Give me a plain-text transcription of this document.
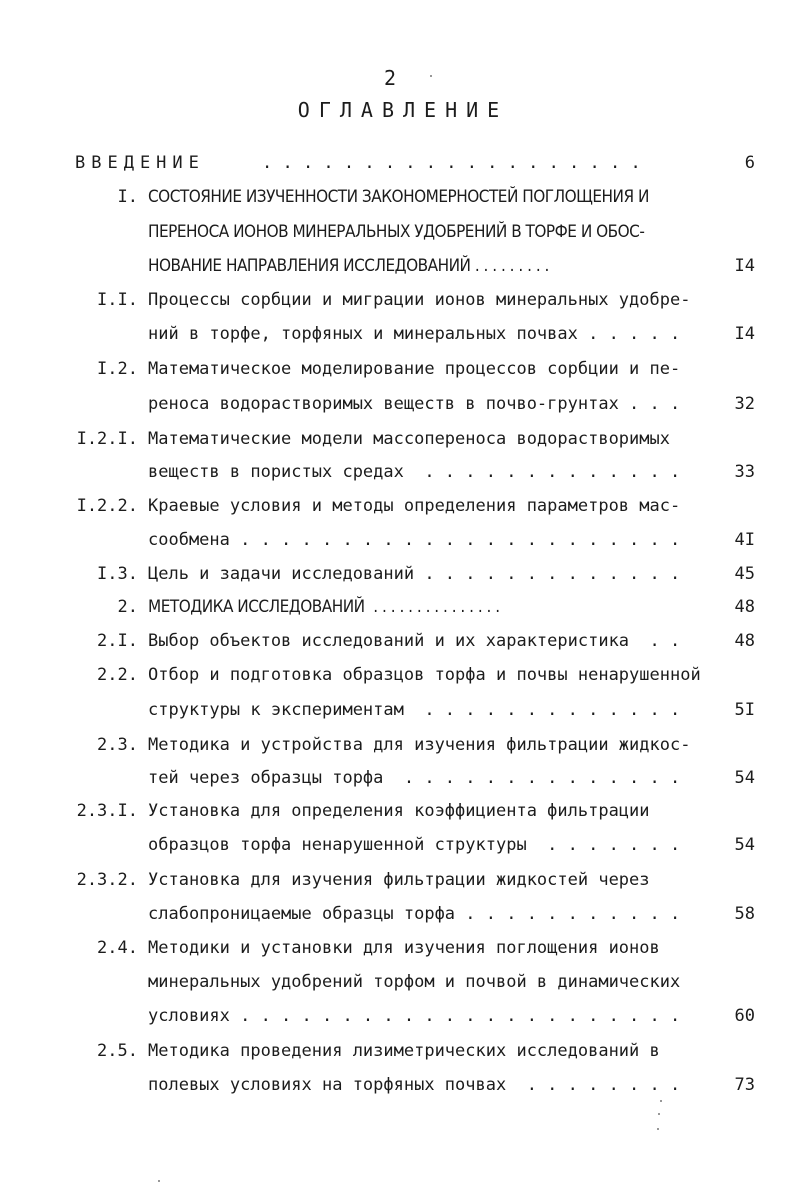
2
ОГЛАВЛЕНИЕ
ВВЕДЕНИЕ	. . . . . . . . . . . . . . . . . . .	6
I. СОСТОЯНИЕ ИЗУЧЕННОСТИ ЗАКОНОМЕРНОСТЕЙ ПОГЛОЩЕНИЯ И
ПЕРЕНОСА ИОНОВ МИНЕРАЛЬНЫХ УДОБРЕНИЙ В ТОРФЕ И ОБОС-
НОВАНИЕ НАПРАВЛЕНИЯ ИССЛЕДОВАНИЙ . . . . . . . . .	I4
I.I. Процессы сорбции и миграции ионов минеральных удобре-
ний в торфе, торфяных и минеральных почвах . . . . .	I4
I.2. Математическое моделирование процессов сорбции и пе-
реноса водорастворимых веществ в почво-грунтах . . .	32
I.2.I. Математические модели массопереноса водорастворимых
веществ в пористых средах  . . . . . . . . . . . . .	33
I.2.2. Краевые условия и методы определения параметров мас-
сообмена . . . . . . . . . . . . . . . . . . . . . .	4I
I.3. Цель и задачи исследований . . . . . . . . . . . . .	45
2. МЕТОДИКА ИССЛЕДОВАНИЙ  . . . . . . . . . . . . . . .	48
2.I. Выбор объектов исследований и их характеристика  . .	48
2.2. Отбор и подготовка образцов торфа и почвы ненарушенной
структуры к экспериментам  . . . . . . . . . . . . .	5I
2.3. Методика и устройства для изучения фильтрации жидкос-
тей через образцы торфа  . . . . . . . . . . . . . .	54
2.3.I. Установка для определения коэффициента фильтрации
образцов торфа ненарушенной структуры  . . . . . . .	54
2.3.2. Установка для изучения фильтрации жидкостей через
слабопроницаемые образцы торфа . . . . . . . . . . .	58
2.4. Методики и установки для изучения поглощения ионов
минеральных удобрений торфом и почвой в динамических
условиях . . . . . . . . . . . . . . . . . . . . . .	60
2.5. Методика проведения лизиметрических исследований в
полевых условиях на торфяных почвах  . . . . . . . .	73
